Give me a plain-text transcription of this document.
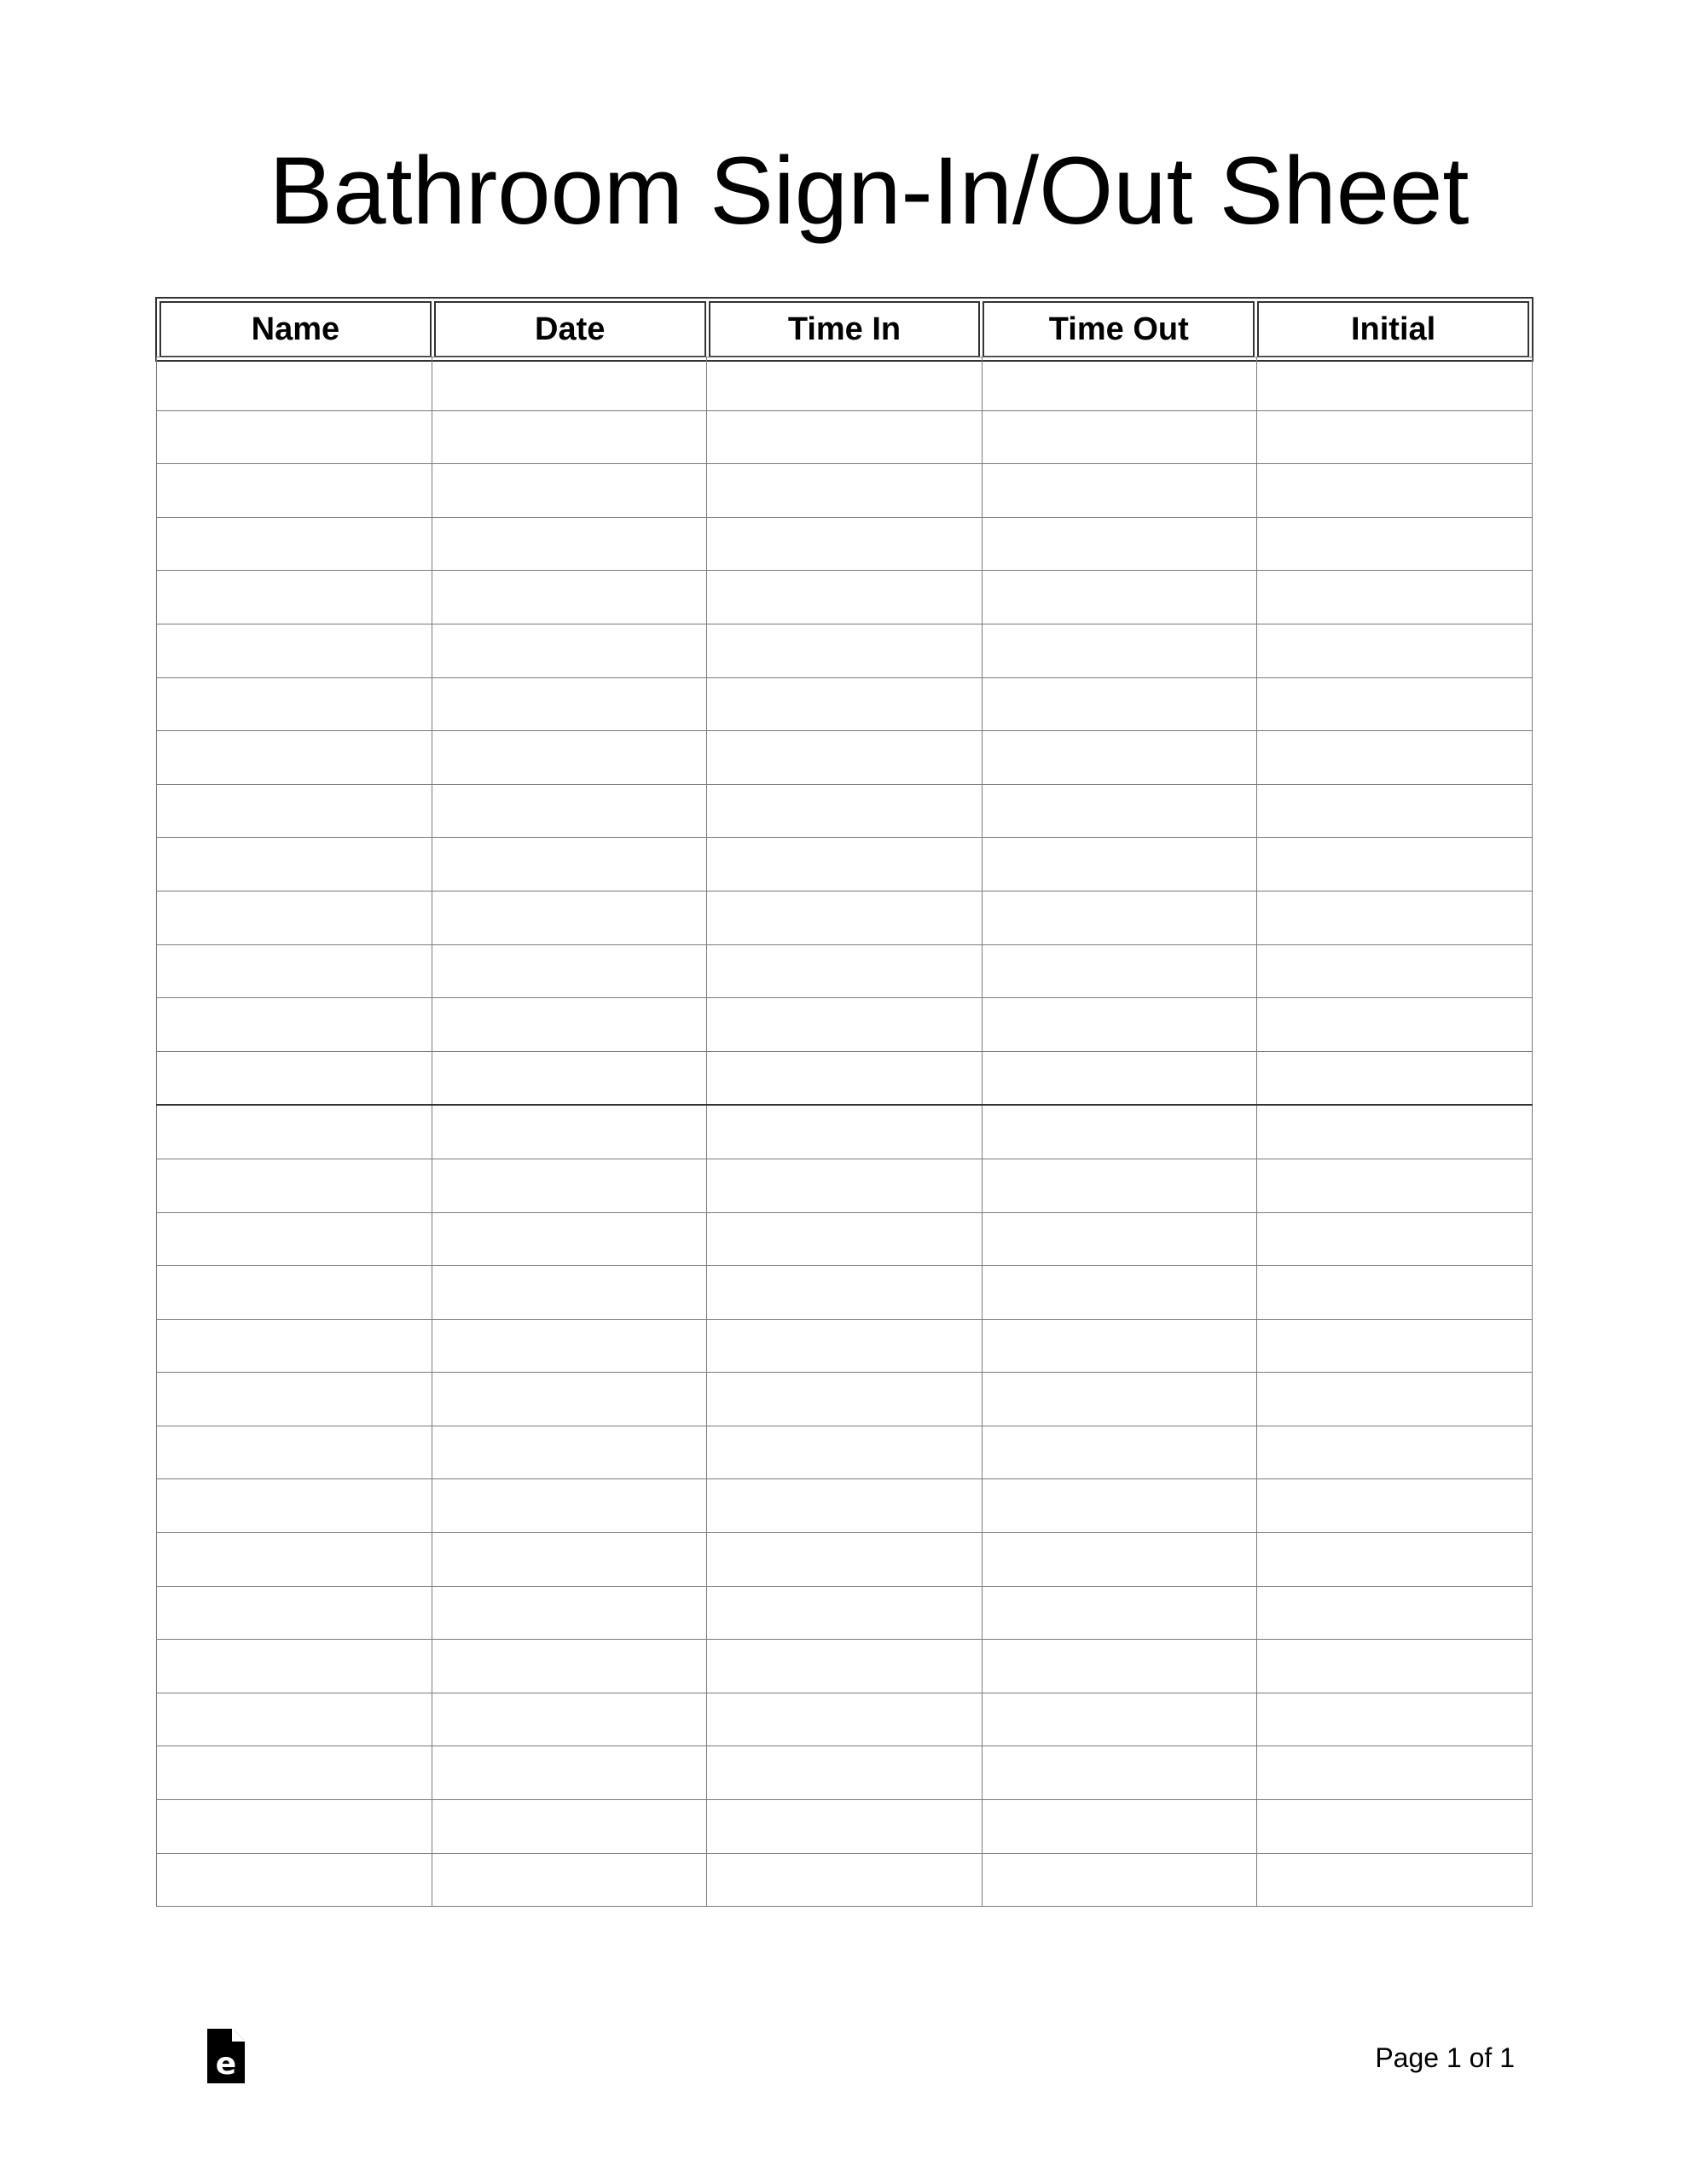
Bathroom Sign-In/Out Sheet
Name	Date	Time In	Time Out	Initial

e	Page 1 of 1
